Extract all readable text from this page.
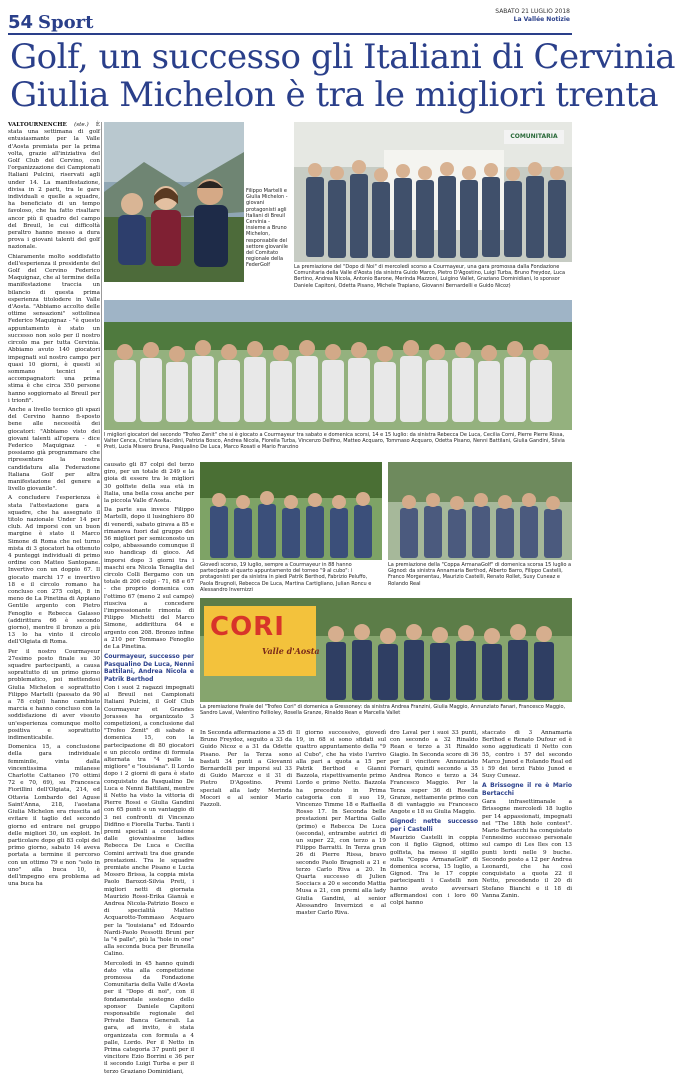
54 Sport
SABATO 21 LUGLIO 2018
La Vallée Notizie
Golf, un successo gli Italiani di Cervinia
Giulia Michelon è tra le migliori trenta

VALTOURNENCHE (ste.) È stata una settimana di golf entusiasmante per la Valle d'Aosta premiata per la prima volta, grazie all'iniziativa del Golf Club del Cervino, con l'organizzazione dei Campionati Italiani Pulcini, riservati agli under 14. La manifestazione, divisa in 2 parti, tra le gare individuali e quelle a squadre, ha beneficiato di un tempo favoloso, che ha fatto risaltare ancor più il quadro del campo del Breuil, le cui difficoltà peraltro hanno messo a dura prova i giovani talenti del golf nazionale.

Chiaramente molto soddisfatto dell'esperienza il presidente del Golf del Cervino Federico Maquignaz, che al termine della manifestazione traccia un bilancio di questa prima esperienza titolodere in Valle d'Aosta. "Abbiamo accolto delle ottime sensazioni" sottolinea Federico Maquignaz - "è questo appuntamento è stato un successo non solo per il nostro circolo ma per tutta Cervinia. Abbiamo avuto 140 giocatori impegnati sul nostro campo per quasi 10 giorni, è questi si sommano tecnici e accompagnatori: una prima stima è che circa 350 persone hanno soggiornato al Breuil per i trionfi".

Anche a livello tecnico gli spazi del Cervino hanno fi-sposto bene alle necessità dei giocatori: "Abbiamo visto dei giovani talenti all'opera - dice Federico Maquignaz - e possiamo già programmare che ripresentare la nostra candidatura alla Federazione Italiana Golf per altra manifestazione del genere a livello giovanile".

A concludere l'esperienza è stata l'attestazione gara a squadre, che ha assegnato il titolo nazionale Under 14 per club. Ad imporsi con un buon margine è stato il Marco Simone di Roma che nel turno mista di 3 giocatori ha ottenuto 4 punteggi individuali di primo ordine con Matteo Santopane. Invertivo con un doppio 67. Il giocato marchi 17 e invertivo 18 e il circolo romano ha concluso con 275 colpi, 8 in meno de La Pinetina di Appiano Gentile argento con Pietro Fenoglio e Rebecca Galasso (addirittura 66 è secondo giorno), mentre il bronzo a più 13 lo ha vinto il circolo dell'Olgiata di Roma.

Per il nostro Courmayeur 27esimo posto finale su 30 squadre partecipanti, a causa soprattutto di un primo giorno problematico, poi mettendosi Giulia Michelon e soprattutto Filippo Martelli (passato da 90 a 78 colpi) hanno cambiato marcia e hanno concluso con la soddisfazione di aver vissuto un'esperienza comunque molto positiva e soprattutto indimenticabile.

Domenica 15, a conclusione della gara individuale femminile, vinta dalla vincentissima milanese Charlotte Cattaneo (70 ottimi 72 e 70, 69), su Francesca Fiorillini dell'Olgiata, 214, ed Ottavia Lombardo del Aguse Saint'Anna, 218, l'aostana Giulia Michelon era riuscita ad evitare il taglio del secondo giorno ed entrare nel gruppo delle migliori 30, un exploit. In particolare dopo gli 83 colpi del primo giorno, sabato 14 aveva portata a termine il percorso con un ottimo 79 e non "solo in uno" alla buca 10, è dell'impegno era problema ad una buca ha

Filippo Martelli e Giulia Michelon - giovani protagonisti agli Italiani di Breuil Cervinia - insieme a Bruno Michelon, responsabile del settore giovanile del Comitato regionale della FederGolf
COMUNITARIA
La premiazione del "Dopo di Noi" di mercoledì scorso a Courmayeur, una gara promossa dalla Fondazione Comunitaria della Valle d'Aosta (da sinistra Guido Marco, Pietro D'Agostino, Luigi Turba, Bruno Freydoz, Luca Bertino, Andrea Nicola, Antonio Barone, Merinda Mazzoni, Luigino Vallet, Graziano Dominidiani, lo sponsor Daniele Capitoni, Odetta Pisano, Michele Trapiano, Giovanni Bernardelli e Guido Nicoz)
I migliori giocatori del secondo "Trofeo Zenit" che si è giocato a Courmayeur tra sabato e domenica scorsi, 14 e 15 luglio: da sinistra Rebecca De Luca, Cecilia Comi, Pierre Pierre Rissa, Valter Cenca, Cristiana Nacidini, Patrizia Bosco, Andrea Nicola, Fiorella Turba, Vincenzo Delfino, Matteo Acquaro, Tommaso Acquaro, Odetta Pisano, Nenni Battilani, Giulia Gandini, Silvia Preti, Lucia Missero Bruna, Pasqualino De Luca, Marco Rosati e Mario Franzino

causato gli 87 colpi del terzo giro, per un totale di 249 e la gioia di essere tra le migliori 30 golfiste della sua età in Italia, una bella cosa anche per la piccola Valle d'Aosta.

Da parte sua invece Filippo Martelli, dopo il lusinghiero 80 di venerdì, sabato girava a 85 e rimaneva fuori dal gruppo dei 56 migliori per semiconosto un colpo, abbassando comunque il suo handicap di gioco. Ad imporsi dopo 3 giorni tra i maschi era Nicola Tenaglia del circolo Colli Bergamo con un totale di 206 colpi - 71, 68 e 67 - che proprio domenica con l'ottimo 67 (meno 2 sul campo) riusciva a concedere l'impressionante rimonta di Filippo Michetti del Marco Simone, addirittura 64 e argento con 208. Bronzo infine a 210 per Tommaso Fenoglio de La Pinetina.

Courmayeur, successo per Pasqualino De Luca, Nenni Battilani, Andrea Nicola e Patrik Berthod

Con i suoi 2 ragazzi impegnati al Breuil nei Campionati Italiani Pulcini, il Golf Club Courmayeur et Grandes Jorasses ha organizzato 3 competizioni, a conclusione dal "Trofeo Zenit" di sabato e domenica 15, con la partecipazione di 80 giocatori e un piccolo ordine di formula alternata tra "4 palle la migliore" e "louisiana". Il Lordo dopo i 2 giorni di gara è stato conquistato da Pasqualino De Luca e Nenni Battilani, mentre il Netto ha visto la vittoria di Pierre Rossi e Giulia Gandini con 65 punti e un vantaggio di 3 nei confronti di Vincenzo Didfino e Fiorella Turba. Tanti i premi speciali a conclusione dalle giovanissime ladies Rebecca De Luca e Cecilia Comini arrivati tra due grande prestazioni. Tra le squadre premiate anche Pisano e Lucia Mossro Brissa, la coppia mista Paolo Barozzi-Silvia Preti, i migliori netti di giornata Maurizio Rossi-Erika Gianuà e Andrea Nicola-Patrizio Bosco e di specialità Matteo Acquarotto-Tommaso Acquaro per la "louisiana" ed Edoardo Nardi-Paolo Pessotti Bruni per la "4 palle", più la "hole in one" alla seconda buca per Brunella Calino.

Mercoledì in 45 hanno quindi dato vita alla competizione promossa da Fondazione Comunitaria della Valle d'Aosta per il "Dopo di noi", con il fondamentale sostegno dello sponsor Daniele Capitoni responsabile regionale del Private Banca Generali. La gara, ad invito, è stata organizzata con formula a 4 palle, Lordo. Per il Netto in Prima categoria 37 punti per il vincitore Ezio Borrini e 36 per il secondo Luigi Turba e per il terzo Graziano Dominidiani,

Giovedì scorso, 19 luglio, sempre a Courmayeur in 88 hanno partecipato al quarto appuntamento del torneo "9 al cubo": i protagonisti per da sinistra in piedi Patrik Berthod, Fabrizio Peluffo, Paola Brugnoli, Rebecca De Luca, Martina Cartigliano, Julian Roncu e Alessandro Invernizzi
La premiazione della "Coppa ArmanaGolf" di domenica scorsa 15 luglio a Gignod: da sinistra Annamaria Berthod, Alberto Barro, Filippo Castelli, Franco Morgenentau, Maurizio Castelli, Renato Rollet, Susy Cuneaz e Rolando Real
CORI
Valle d'Aosta
La premiazione finale del "Trofeo Cori" di domenica a Gressoney: da sinistra Andrea Franzini, Giulia Maggio, Annunziato Fanari, Francesco Maggio, Sandro Laval, Valentino Follioley, Rosella Granze, Rinaldo Rean e Marcella Vallet

In Seconda affermazione a 35 di Bruno Freydoz, seguito a 33 da Guido Nicoz e a 31 da Odette Pisano. Per la Terza sono bastati 34 punti a Giovanni Bernardelli per imporsi sul 33 di Guido Marcoz e il 31 di Pietro D'Agostino. Premi speciali alla lady Merinda Mocori e al senior Mario Fazzoli.

Il giorno successivo, giovedì 19, in 68 si sono sfidati sul quattro appuntamento della "9 al Cubo", che ha visto l'arrivo alla pari a quota a 15 per Patrik Berthod e Gianni Bazzola, rispettivamente primo Lordo e primo Netto. Bazzola ha preceduto in Prima categoria con il suo 19, Vincenzo Timme 18 e Raffaella Rosso 17. In Seconda belle prestazioni per Martina Gallo (primo) e Rebecca De Luca (seconda), entrambe autrici di un super 22, con terzo a 19 Filippo Barratti. In Terza gran 26 di Pierre Rissa, bravo secondo Paolo Bragnoli a 21 e terzo Carlo Riva a 20. In Quarta successo di Julien Socciacs a 20 e secondo Mattia Musa a 21, con premi alla lady Giulia Gandini, al senior Alessandro Invernizzi e al master Carlo Riva.

dro Laval per i suoi 33 punti, con secondo a 32 Rinaldo Rean e terzo a 31 Rinaldo Giagio. In Seconda score di 36 per il vincitore Annunziato Fornari, quindi secondo a 35 Andrea Ronco e terzo a 34 Francesco Maggio. Per la Terza super 36 di Rosella Granze, nettamente primo con 8 di vantaggio su Francesco Angote e 18 su Giulia Maggio.

Gignod: nette successo per i Castelli

Maurizio Castelli in coppia con il figlio Gignod, ottimo golfista, ha messo il sigillo sulla "Coppa ArmanaGolf" di domenica scorsa, 15 luglio, a Gignod. Tra le 17 coppie partecipanti i Castelli non hanno avuto avversari affermandosi con i loro 60 colpi hanno

staccato di 3 Annamaria Berthod e Renato Dufour ed è sono aggiudicati il Netto con 55, contro i 57 del secondo Marco Junod e Rolando Real ed i 59 dei terzi Fabio Junod e Susy Cuneaz.

A Brissogne il re è Mario Bertacchi

Gara infrasettimanale a Brissogne mercoledì 18 luglio per 14 appassionati, impegnati nel "The 18th hole contest". Mario Bertacchi ha conquistato l'ennesimo successo personale sul campo di Les Iles con 13 punti lordi nelle 9 buche. Secondo posto a 12 per Andrea Leonardi, che ha così conquistato a quota 22 il Netto, precedendo il 20 di Stefano Bianchi e il 18 di Vanna Zanin.
